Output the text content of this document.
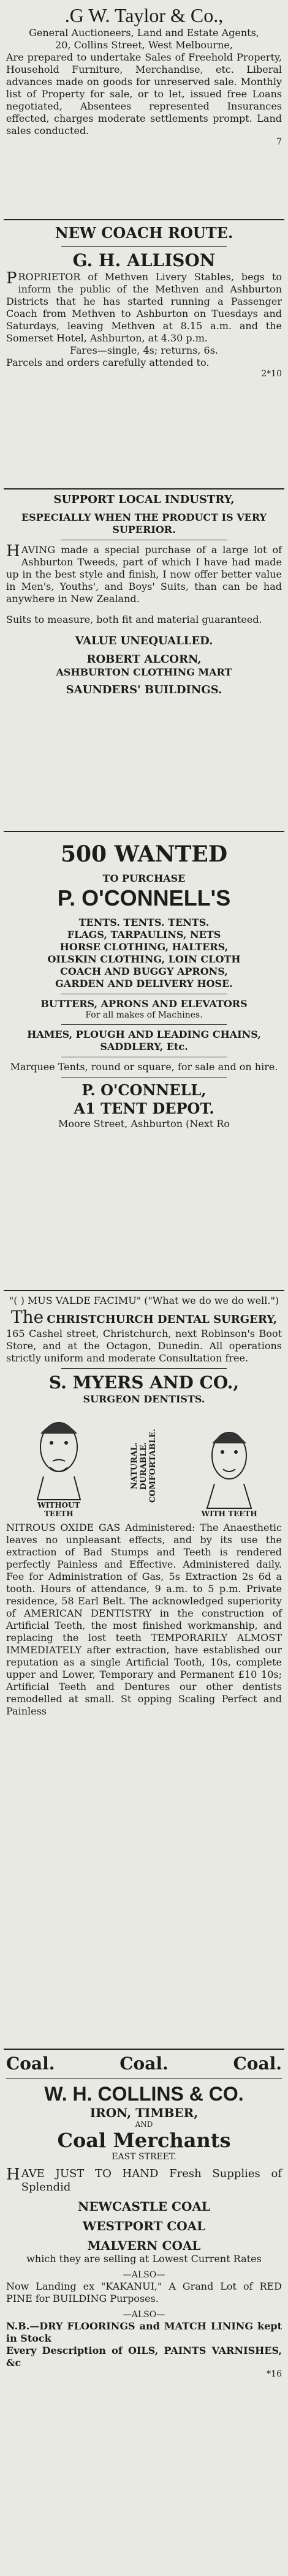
.G W. Taylor & Co.,
General Auctioneers, Land and Estate Agents,
20, Collins Street, West Melbourne,
Are prepared to undertake Sales of Freehold Property, Household Furniture, Merchandise, etc. Liberal advances made on goods for unreserved sale. Monthly list of Property for sale, or to let, issued free Loans negotiated, Absentees represented Insurances effected, charges moderate settlements prompt. Land sales conducted.
7
NEW COACH ROUTE.
G. H. ALLISON
PROPRIETOR of Methven Livery Stables, begs to inform the public of the Methven and Ashburton Districts that he has started running a Passenger Coach from Methven to Ashburton on Tuesdays and Saturdays, leaving Methven at 8.15 a.m. and the Somerset Hotel, Ashburton, at 4.30 p.m.
Fares—single, 4s; returns, 6s.
Parcels and orders carefully attended to.
2*10
SUPPORT LOCAL INDUSTRY,
ESPECIALLY WHEN THE PRODUCT IS VERY SUPERIOR.
HAVING made a special purchase of a large lot of Ashburton Tweeds, part of which I have had made up in the best style and finish, I now offer better value in Men's, Youths', and Boys' Suits, than can be had anywhere in New Zealand.
Suits to measure, both fit and material guaranteed.
VALUE UNEQUALLED.
ROBERT ALCORN,
ASHBURTON CLOTHING MART
SAUNDERS' BUILDINGS.
500 WANTED
TO PURCHASE
P. O'CONNELL'S
TENTS. TENTS. TENTS.
FLAGS, TARPAULINS, NETS
HORSE CLOTHING, HALTERS,
OILSKIN CLOTHING, LOIN CLOTH
COACH AND BUGGY APRONS,
GARDEN AND DELIVERY HOSE.
BUTTERS, APRONS AND ELEVATORS
For all makes of Machines.
HAMES, PLOUGH AND LEADING CHAINS, SADDLERY, Etc.
Marquee Tents, round or square, for sale and on hire.
P. O'CONNELL,
A1 TENT DEPOT.
Moore Street, Ashburton (Next Ro
"( ) MUS VALDE FACIMU" ("What we do we do well.")
The CHRISTCHURCH DENTAL SURGERY,
165 Cashel street, Christchurch, next Robinson's Boot Store, and at the Octagon, Dunedin. All operations strictly uniform and moderate Consultation free.
S. MYERS AND CO.,
SURGEON DENTISTS.
WITHOUT TEETH
NATURAL.
DURABLE.
COMFORTABLE.
WITH TEETH
NITROUS OXIDE GAS Administered: The Anaesthetic leaves no unpleasant effects, and by its use the extraction of Bad Stumps and Teeth is rendered perfectly Painless and Effective. Administered daily. Fee for Administration of Gas, 5s Extraction 2s 6d a tooth. Hours of attendance, 9 a.m. to 5 p.m. Private residence, 58 Earl Belt. The acknowledged superiority of AMERICAN DENTISTRY in the construction of Artificial Teeth, the most finished workmanship, and replacing the lost teeth TEMPORARILY ALMOST IMMEDIATELY after extraction, have established our reputation as a single Artificial Tooth, 10s, complete upper and Lower, Temporary and Permanent £10 10s; Artificial Teeth and Dentures our other dentists remodelled at small. St opping Scaling Perfect and Painless
Coal.	Coal.	Coal.
W. H. COLLINS & CO.
IRON, TIMBER,
AND
Coal Merchants
EAST STREET.
HAVE JUST TO HAND Fresh Supplies of Splendid
NEWCASTLE COAL
WESTPORT COAL
MALVERN COAL
which they are selling at Lowest Current Rates
—ALSO—
Now Landing ex "KAKANUI," A Grand Lot of RED PINE for BUILDING Purposes.
—ALSO—
N.B.—DRY FLOORINGS and MATCH LINING kept in Stock
Every Description of OILS, PAINTS VARNISHES, &c
*16
